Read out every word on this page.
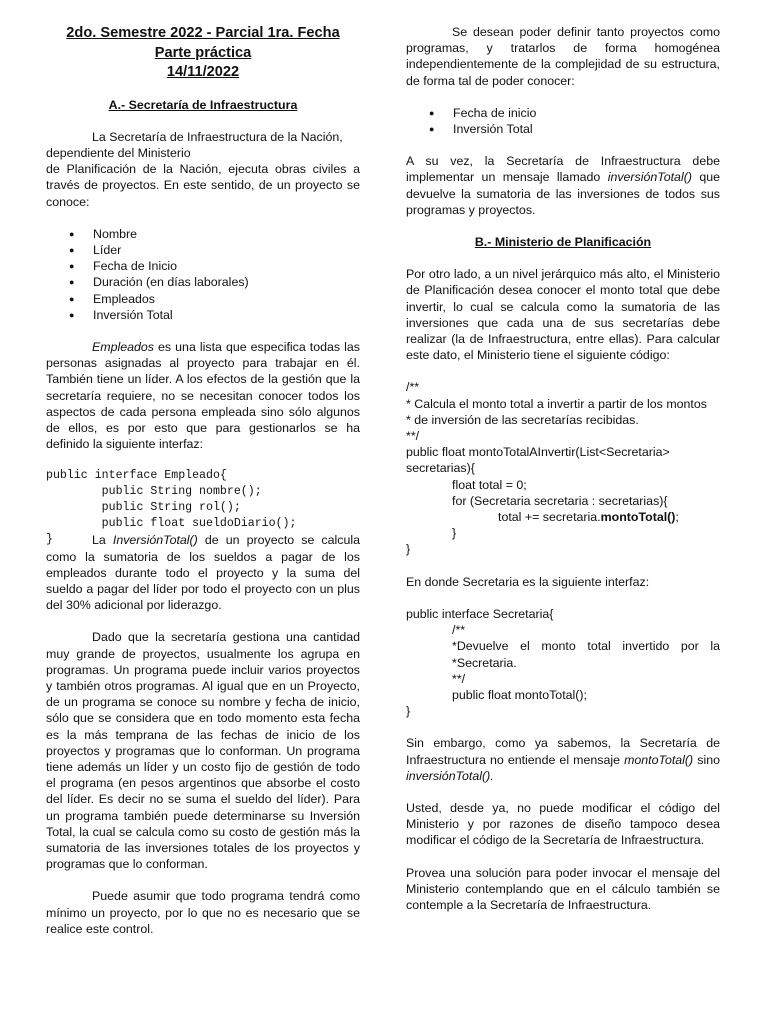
2do. Semestre 2022 - Parcial 1ra. Fecha
Parte práctica
14/11/2022
A.- Secretaría de Infraestructura

La Secretaría de Infraestructura de la Nación, dependiente del Ministerio

de Planificación de la Nación, ejecuta obras civiles a través de proyectos. En este sentido, de un proyecto se conoce:

● Nombre
● Líder
● Fecha de Inicio
● Duración (en días laborales)
● Empleados
● Inversión Total

Empleados es una lista que especifica todas las personas asignadas al proyecto para trabajar en él. También tiene un líder. A los efectos de la gestión que la secretaría requiere, no se necesitan conocer todos los aspectos de cada persona empleada sino sólo algunos de ellos, es por esto que para gestionarlos se ha definido la siguiente interfaz:

public interface Empleado{
public String nombre();
public String rol();
public float sueldoDiario();
}	La InversiónTotal() de un proyecto se calcula como la sumatoria de los sueldos a pagar de los empleados durante todo el proyecto y la suma del sueldo a pagar del líder por todo el proyecto con un plus del 30% adicional por liderazgo.

Dado que la secretaría gestiona una cantidad muy grande de proyectos, usualmente los agrupa en programas. Un programa puede incluir varios proyectos y también otros programas. Al igual que en un Proyecto, de un programa se conoce su nombre y fecha de inicio, sólo que se considera que en todo momento esta fecha es la más temprana de las fechas de inicio de los proyectos y programas que lo conforman. Un programa tiene además un líder y un costo fijo de gestión de todo el programa (en pesos argentinos que absorbe el costo del líder. Es decir no se suma el sueldo del líder). Para un programa también puede determinarse su Inversión Total, la cual se calcula como su costo de gestión más la sumatoria de las inversiones totales de los proyectos y programas que lo conforman.

Puede asumir que todo programa tendrá como mínimo un proyecto, por lo que no es necesario que se realice este control.

Se desean poder definir tanto proyectos como programas, y tratarlos de forma homogénea independientemente de la complejidad de su estructura, de forma tal de poder conocer:

● Fecha de inicio
● Inversión Total

A su vez, la Secretaría de Infraestructura debe implementar un mensaje llamado inversiónTotal() que devuelve la sumatoria de las inversiones de todos sus programas y proyectos.

B.- Ministerio de Planificación

Por otro lado, a un nivel jerárquico más alto, el Ministerio de Planificación desea conocer el monto total que debe invertir, lo cual se calcula como la sumatoria de las inversiones que cada una de sus secretarías debe realizar (la de Infraestructura, entre ellas). Para calcular este dato, el Ministerio tiene el siguiente código:

/**
* Calcula el monto total a invertir a partir de los montos
* de inversión de las secretarías recibidas.
**/
public float montoTotalAInvertir(List<Secretaria>
secretarias){
float total = 0;
for (Secretaria secretaria : secretarias){
total += secretaria.montoTotal();
}
}

En donde Secretaria es la siguiente interfaz:

public interface Secretaria{
/**
*Devuelve el monto total invertido por la *Secretaria.
**/
public float montoTotal();
}

Sin embargo, como ya sabemos, la Secretaría de Infraestructura no entiende el mensaje montoTotal() sino inversiónTotal().

Usted, desde ya, no puede modificar el código del Ministerio y por razones de diseño tampoco desea modificar el código de la Secretaría de Infraestructura.

Provea una solución para poder invocar el mensaje del Ministerio contemplando que en el cálculo también se contemple a la Secretaría de Infraestructura.
